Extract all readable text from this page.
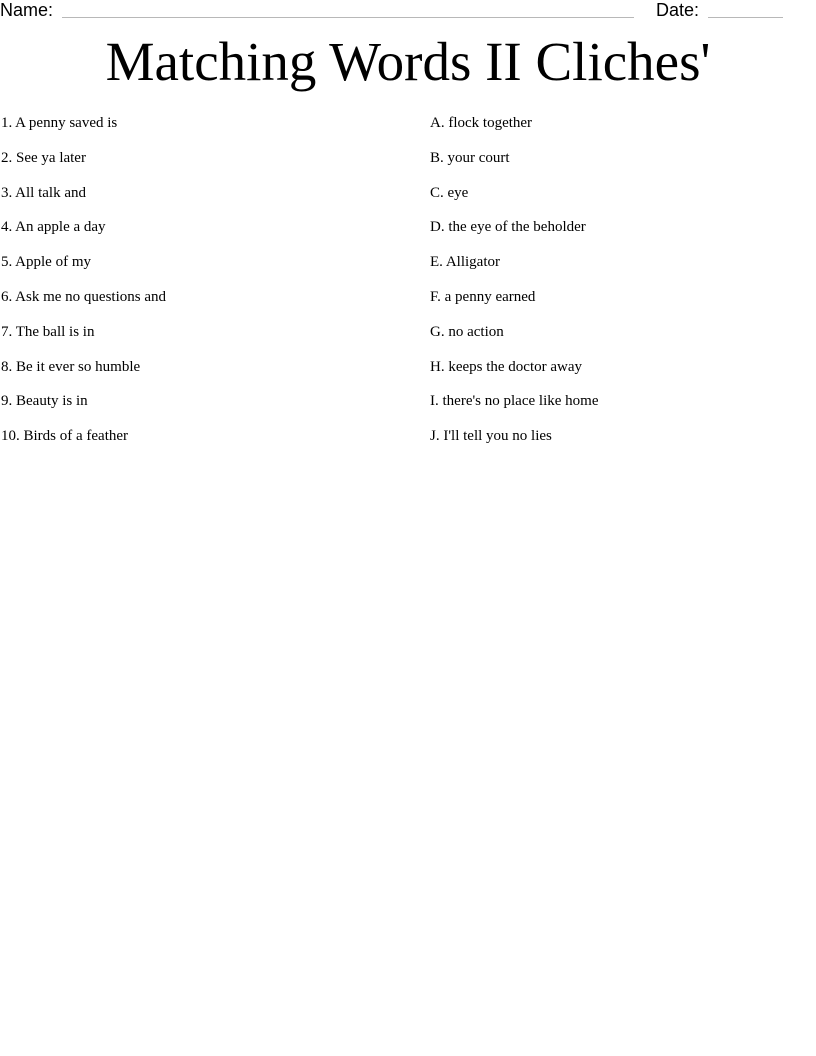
Name:	Date:
Matching Words II Cliches'
1. A penny saved is
2. See ya later
3. All talk and
4. An apple a day
5. Apple of my
6. Ask me no questions and
7. The ball is in
8. Be it ever so humble
9. Beauty is in
10. Birds of a feather
A. flock together
B. your court
C. eye
D. the eye of the beholder
E. Alligator
F. a penny earned
G. no action
H. keeps the doctor away
I. there's no place like home
J. I'll tell you no lies
